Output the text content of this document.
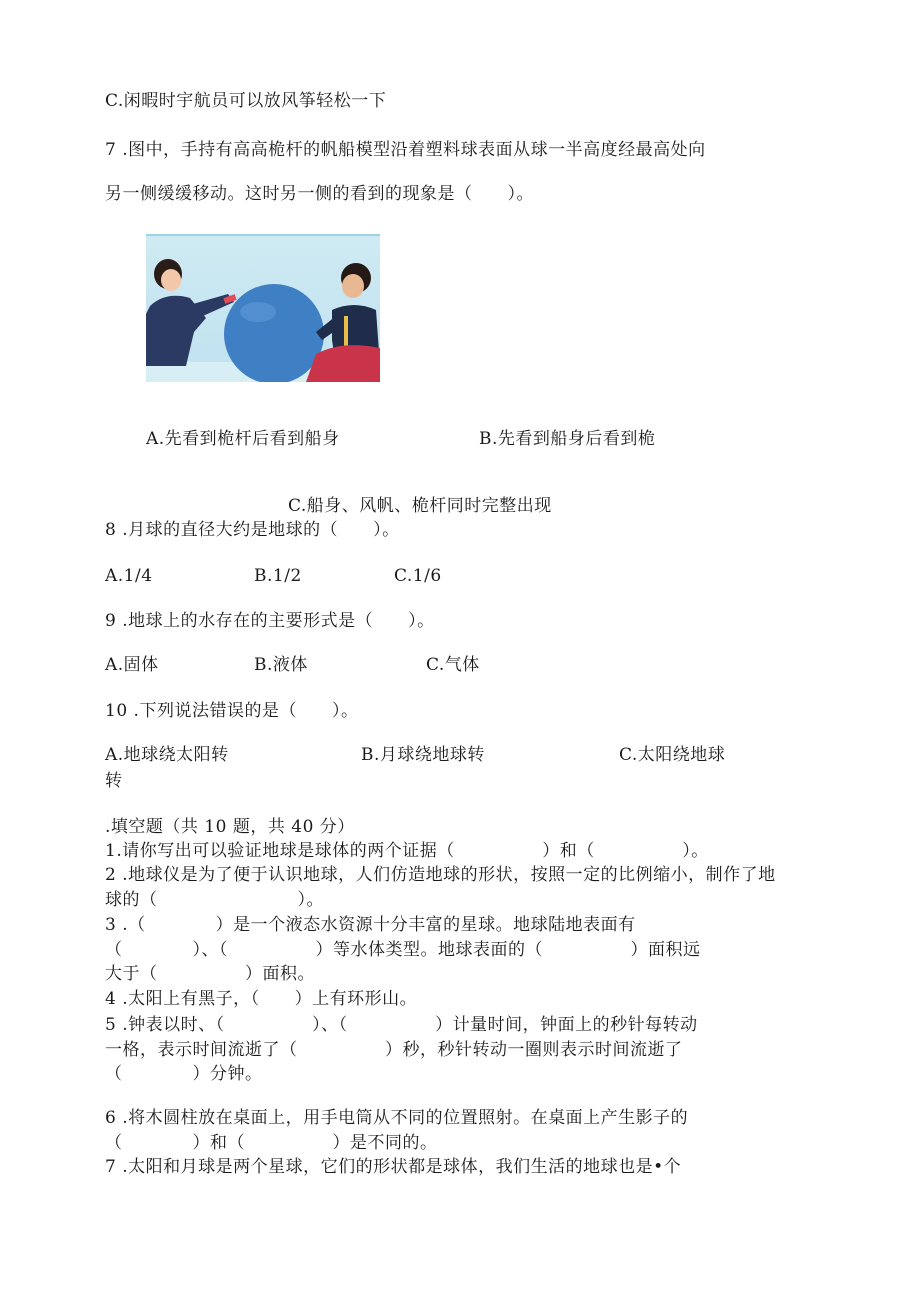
C.闲暇时宇航员可以放风筝轻松一下
7 .图中，手持有高高桅杆的帆船模型沿着塑料球表面从球一半高度经最高处向
另一侧缓缓移动。这时另一侧的看到的现象是（　　）。
A.先看到桅杆后看到船身	B.先看到船身后看到桅
C.船身、风帆、桅杆同时完整出现
8 .月球的直径大约是地球的（　　）。
A.1/4	B.1/2	C.1/6
9 .地球上的水存在的主要形式是（　　）。
A.固体	B.液体	C.气体
10 .下列说法错误的是（　　）。
A.地球绕太阳转	B.月球绕地球转	C.太阳绕地球
转
.填空题（共 10 题，共 40 分）
1.请你写出可以验证地球是球体的两个证据（　　　　　）和（　　　　　）。
2 .地球仪是为了便于认识地球，人们仿造地球的形状，按照一定的比例缩小，制作了地
球的（　　　　　　　　）。
3 .（　　　　）是一个液态水资源十分丰富的星球。地球陆地表面有
（　　　　）、（　　　　　）等水体类型。地球表面的（　　　　　）面积远
大于（　　　　　）面积。
4 .太阳上有黑子，（　　）上有环形山。
5 .钟表以时、（　　　　　）、（　　　　　）计量时间，钟面上的秒针每转动
一格，表示时间流逝了（　　　　　）秒，秒针转动一圈则表示时间流逝了
（　　　　）分钟。
6 .将木圆柱放在桌面上，用手电筒从不同的位置照射。在桌面上产生影子的
（　　　　）和（　　　　　）是不同的。
7 .太阳和月球是两个星球，它们的形状都是球体，我们生活的地球也是•个
